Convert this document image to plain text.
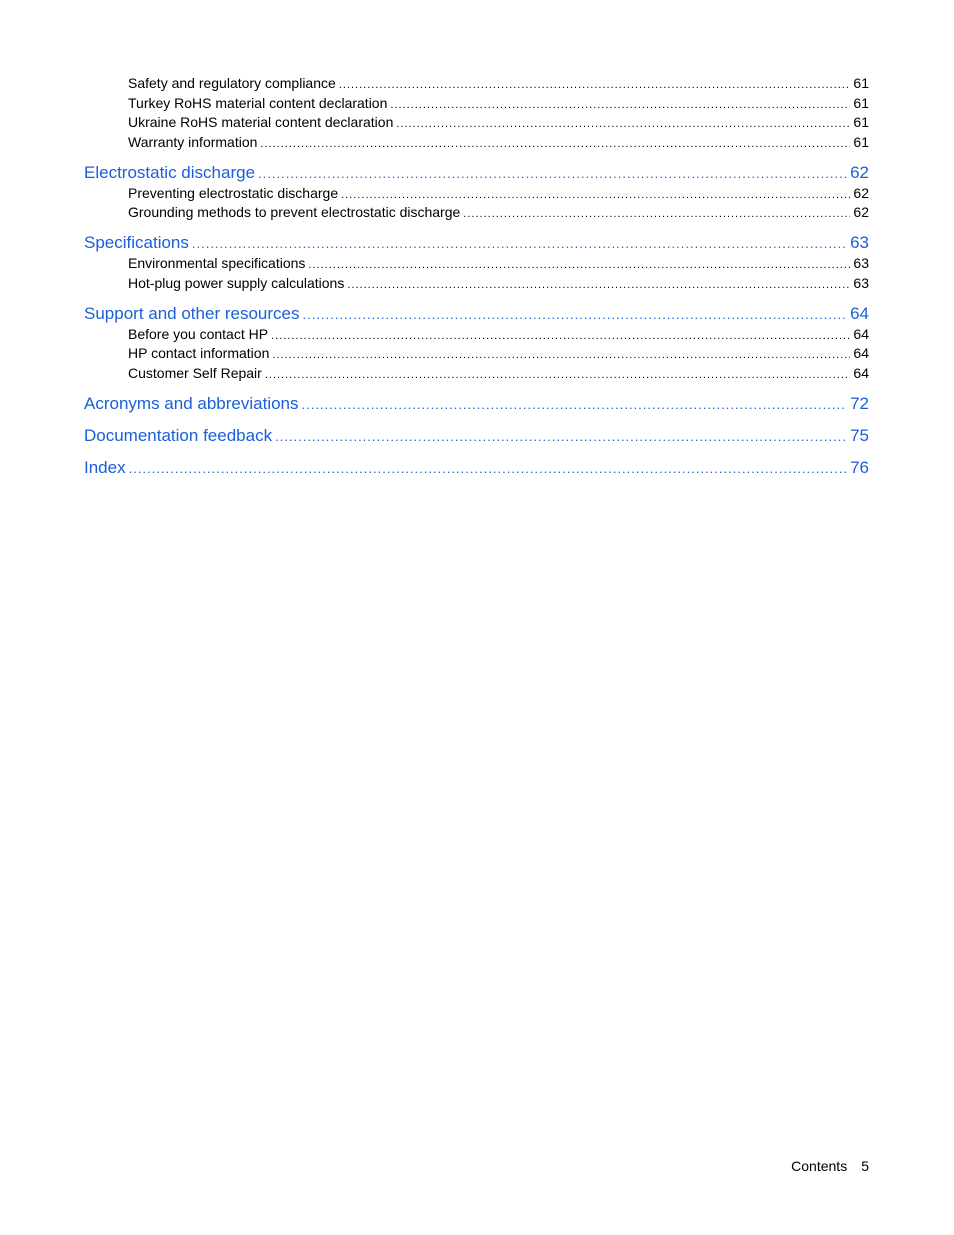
Safety and regulatory compliance .....	61
Turkey RoHS material content declaration .....	61
Ukraine RoHS material content declaration .....	61
Warranty information .....	61
Electrostatic discharge .....	62
Preventing electrostatic discharge .....	62
Grounding methods to prevent electrostatic discharge .....	62
Specifications .....	63
Environmental specifications .....	63
Hot-plug power supply calculations .....	63
Support and other resources .....	64
Before you contact HP .....	64
HP contact information .....	64
Customer Self Repair .....	64
Acronyms and abbreviations .....	72
Documentation feedback .....	75
Index .....	76
Contents 5
